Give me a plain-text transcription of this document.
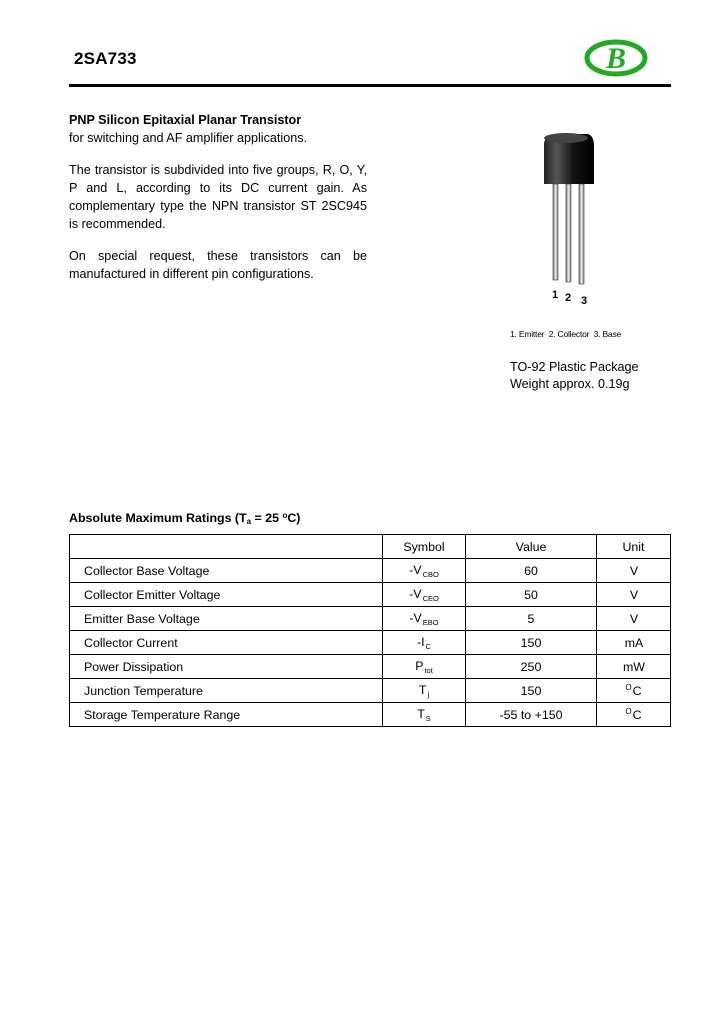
2SA733	B
PNP Silicon Epitaxial Planar Transistor
for switching and AF amplifier applications.
The transistor is subdivided into five groups, R, O, Y, P and L, according to its DC current gain. As complementary type the NPN transistor ST 2SC945 is recommended.
On special request, these transistors can be manufactured in different pin configurations.
1 2 3
1. Emitter  2. Collector  3. Base
TO-92 Plastic Package
Weight approx. 0.19g
Absolute Maximum Ratings ($T_a = 25$ $^o$C)
	Symbol	Value	Unit
Collector Base Voltage	$-V_{CBO}$	60	V
Collector Emitter Voltage	$-V_{CEO}$	50	V
Emitter Base Voltage	$-V_{EBO}$	5	V
Collector Current	$-I_C$	150	mA
Power Dissipation	$P_{tot}$	250	mW
Junction Temperature	$T_j$	150	$^O$C
Storage Temperature Range	$T_S$	-55 to +150	$^O$C
